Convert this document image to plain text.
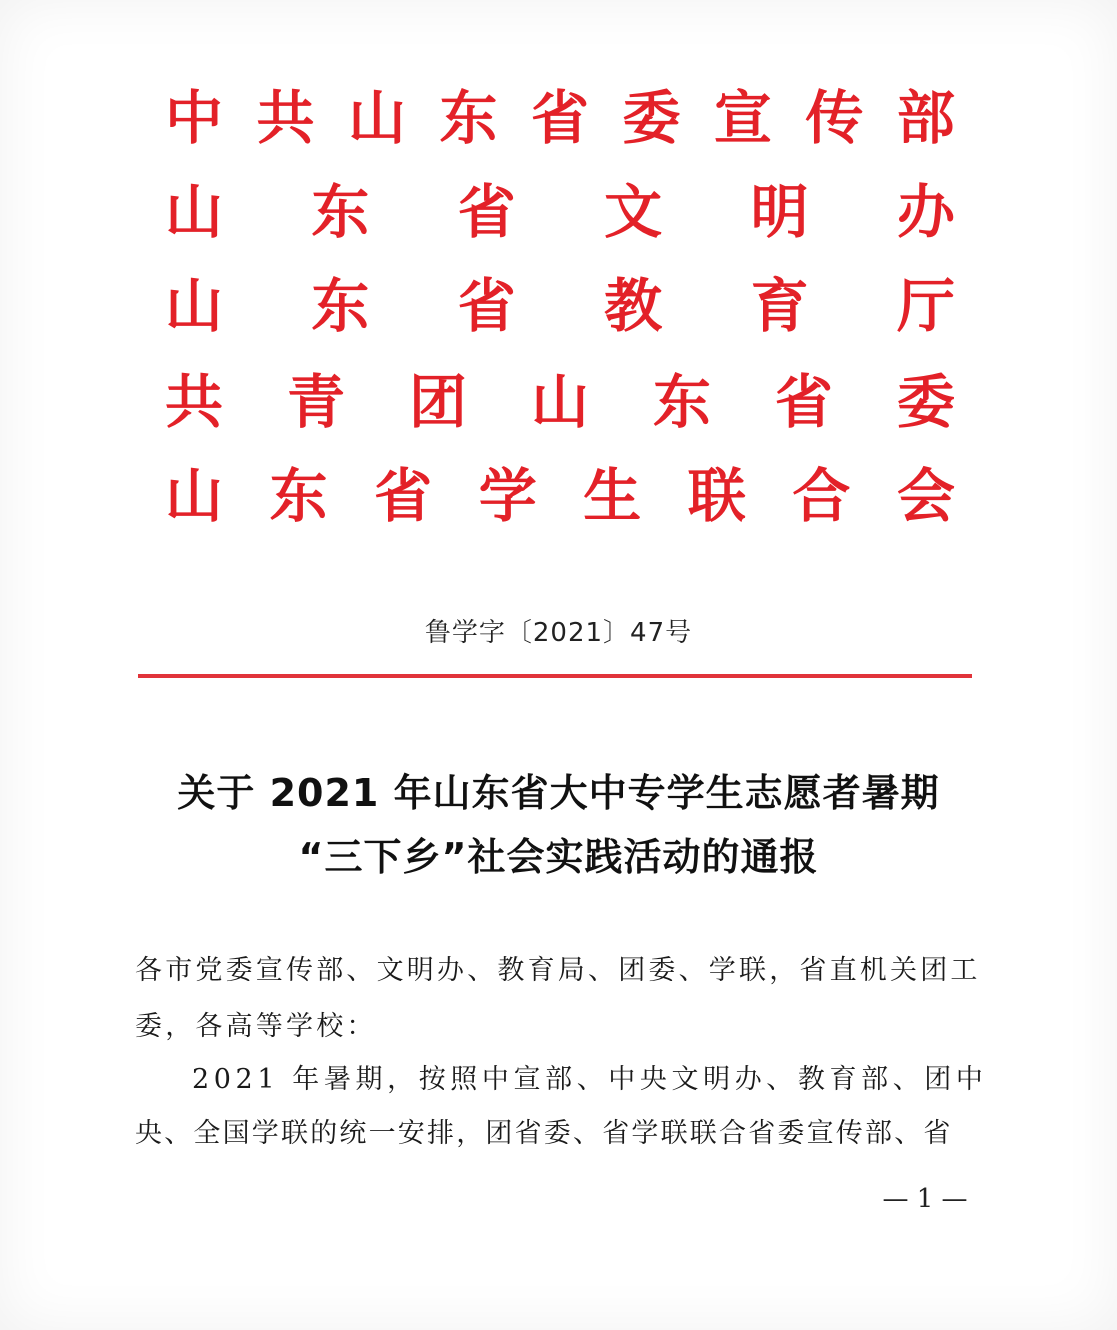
中 共 山 东 省 委 宣 传 部
山 东 省 文 明 办
山 东 省 教 育 厅
共 青 团 山 东 省 委
山 东 省 学 生 联 合 会
鲁学字〔2021〕47号
关于 2021 年山东省大中专学生志愿者暑期
“三下乡”社会实践活动的通报
各市党委宣传部、文明办、教育局、团委、学联，省直机关团工
委，各高等学校：
2021 年暑期，按照中宣部、中央文明办、教育部、团中
央、全国学联的统一安排，团省委、省学联联合省委宣传部、省
— 1 —
